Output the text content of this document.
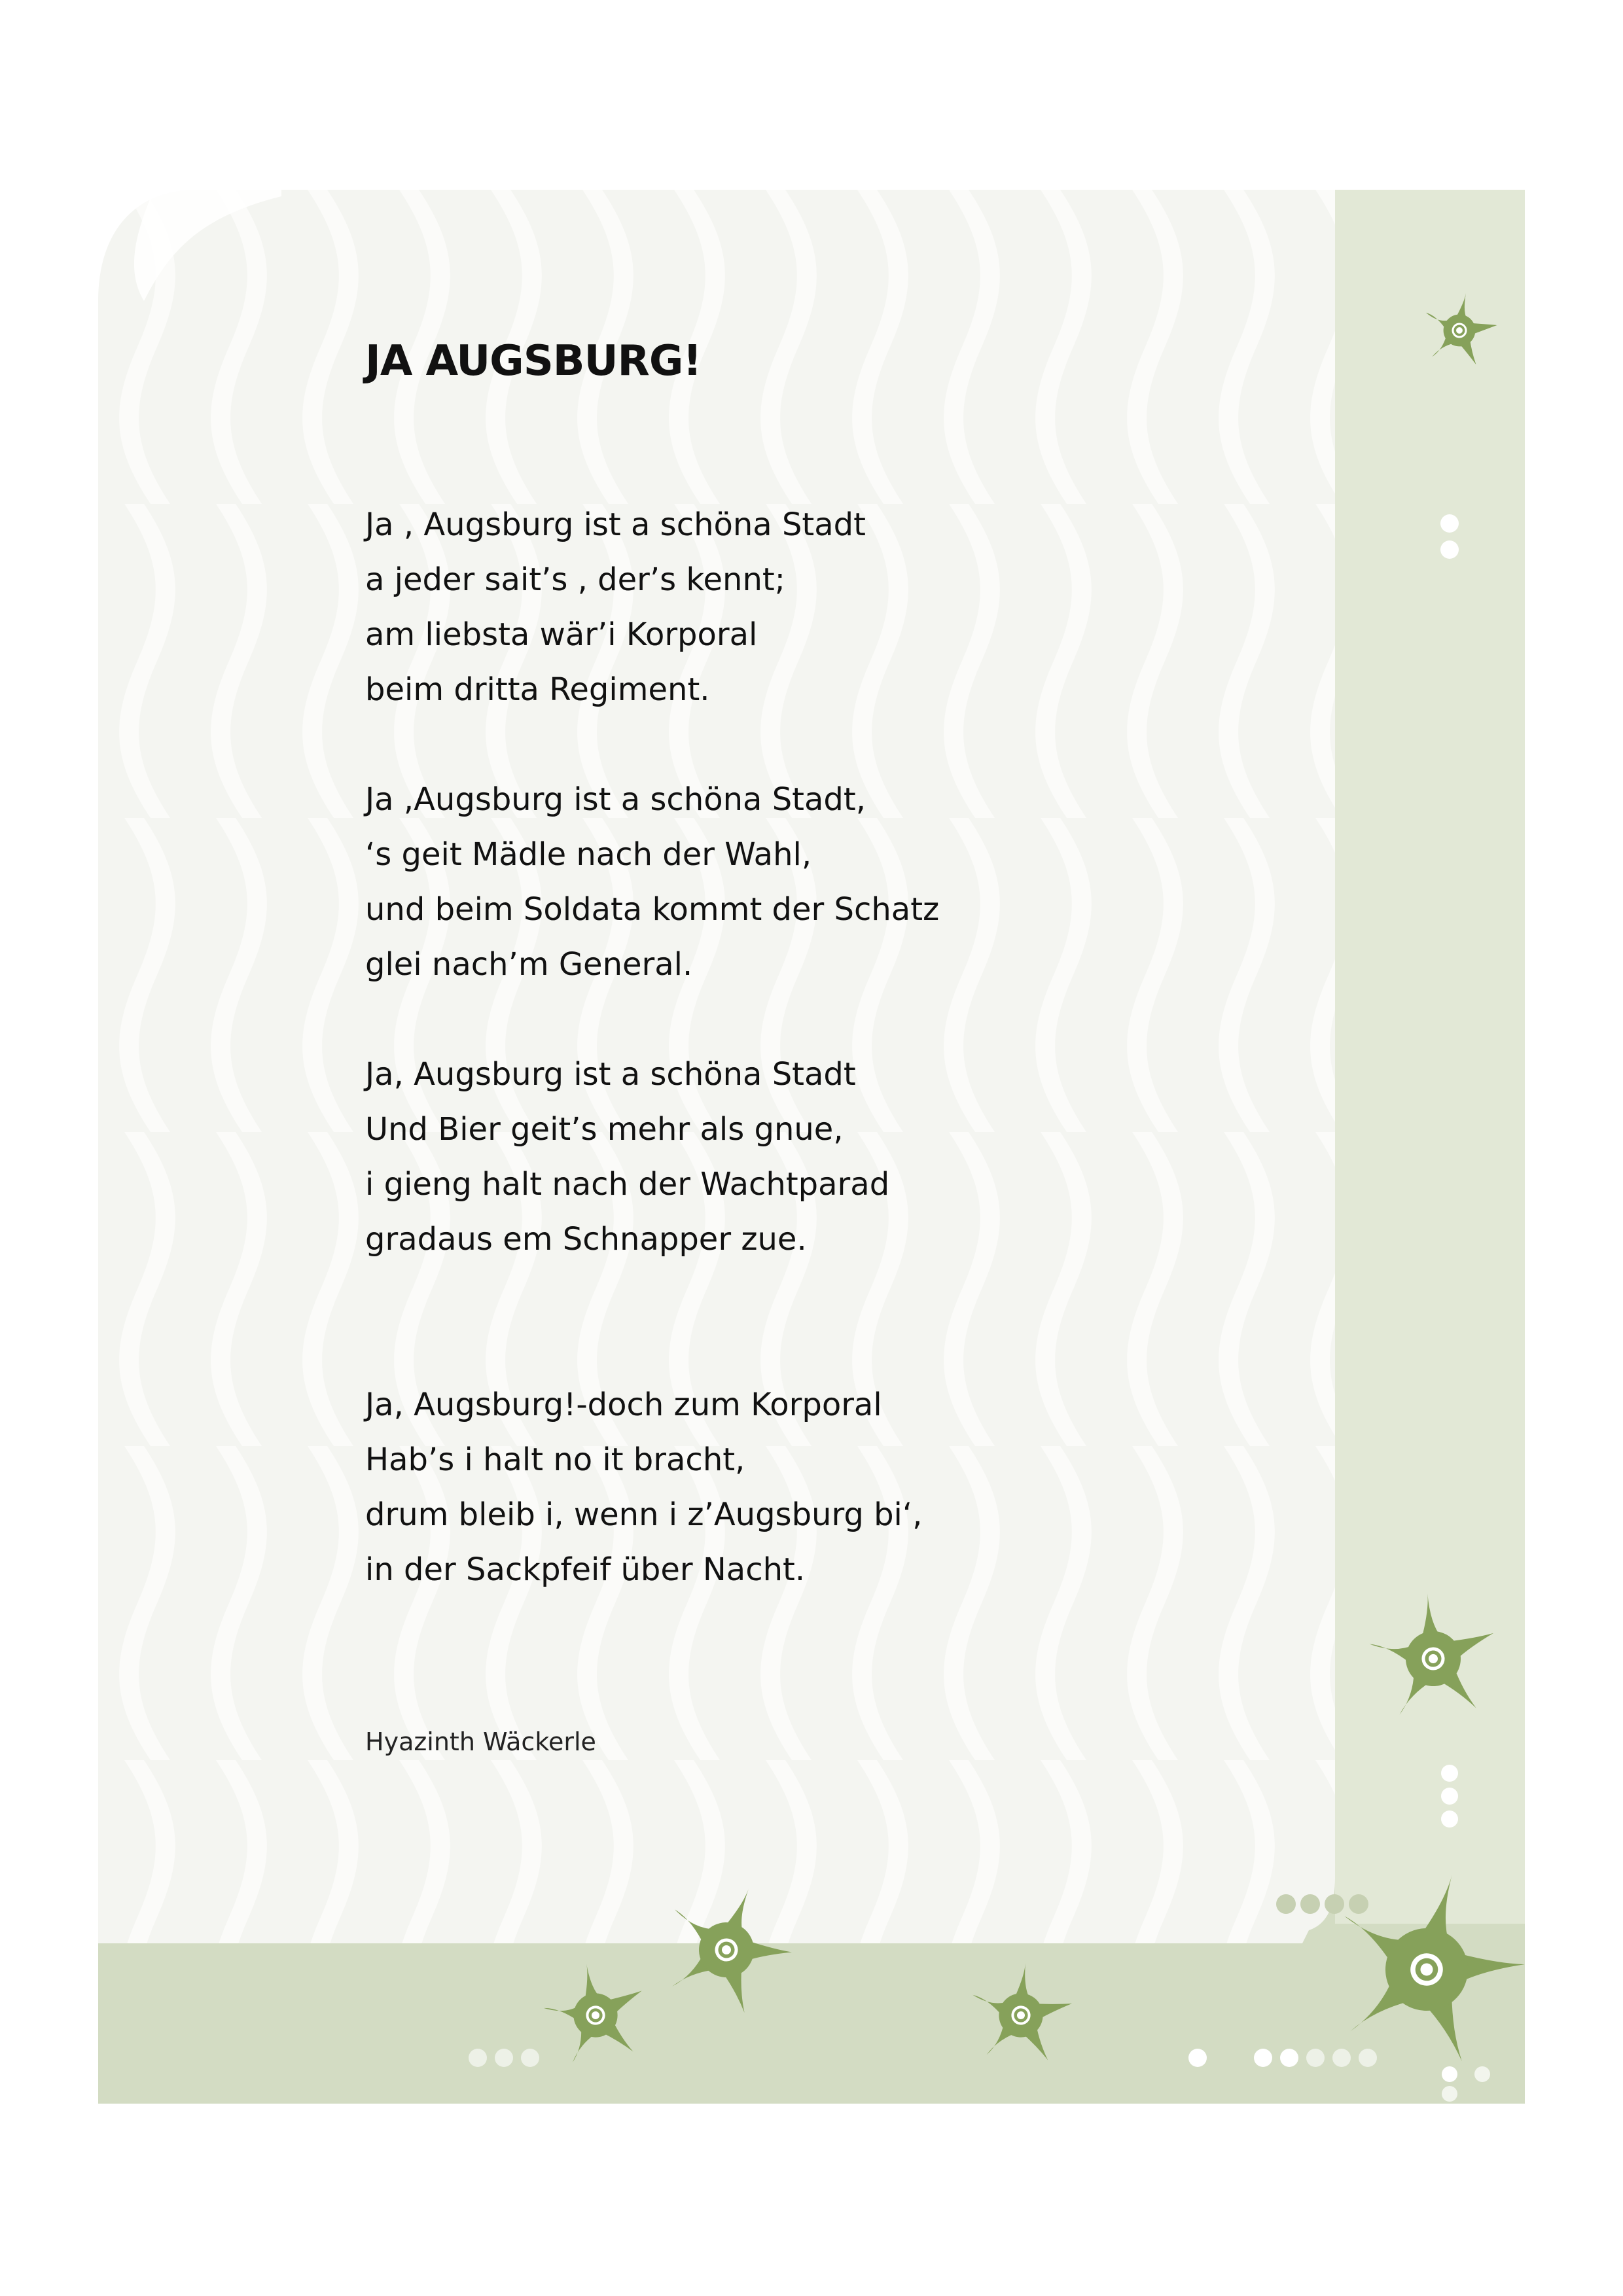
JA AUGSBURG!
Ja , Augsburg ist a schöna Stadt
a jeder sait’s , der’s kennt;
am liebsta wär’i Korporal
beim dritta Regiment.
Ja ,Augsburg ist a schöna Stadt,
‘s geit Mädle nach der Wahl,
und beim Soldata kommt der Schatz
glei nach’m General.
Ja, Augsburg ist a schöna Stadt
Und Bier geit’s mehr als gnue,
i gieng halt nach der Wachtparad
gradaus em Schnapper zue.
Ja, Augsburg!-doch zum Korporal
Hab’s i halt no it bracht,
drum bleib i, wenn i z’Augsburg bi‘,
in der Sackpfeif über Nacht.
Hyazinth Wäckerle
